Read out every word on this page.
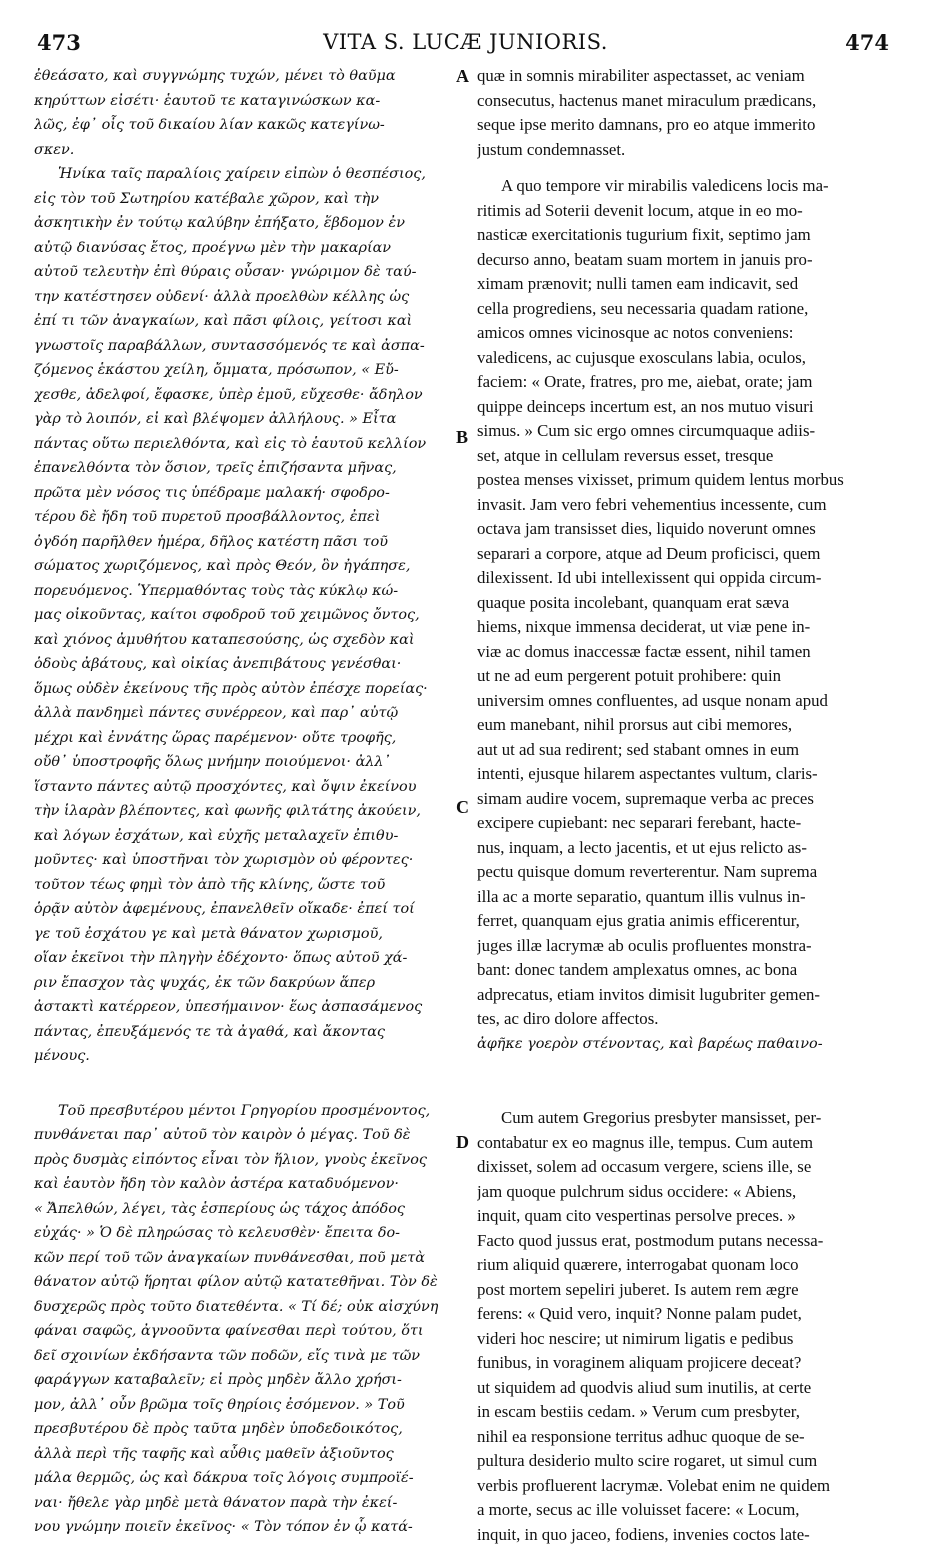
473	VITA S. LUCÆ JUNIORIS.	474
ἐθεάσατο, καὶ συγγνώμης τυχών, μένει τὸ θαῦμα
κηρύττων εἰσέτι· ἑαυτοῦ τε καταγινώσκων κα-
λῶς, ἐφ᾽ οἷς τοῦ δικαίου λίαν κακῶς κατεγίνω-
σκεν.
Ἡνίκα ταῖς παραλίοις χαίρειν εἰπὼν ὁ θεσπέσιος,
εἰς τὸν τοῦ Σωτηρίου κατέβαλε χῶρον, καὶ τὴν
ἀσκητικὴν ἐν τούτῳ καλύβην ἐπήξατο, ἕβδομον ἐν
αὐτῷ διανύσας ἔτος, προέγνω μὲν τὴν μακαρίαν
αὐτοῦ τελευτὴν ἐπὶ θύραις οὖσαν· γνώριμον δὲ ταύ-
την κατέστησεν οὐδενί· ἀλλὰ προελθὼν κέλλης ὡς
ἐπί τι τῶν ἀναγκαίων, καὶ πᾶσι φίλοις, γείτοσι καὶ
γνωστοῖς παραβάλλων, συντασσόμενός τε καὶ ἀσπα-
ζόμενος ἑκάστου χείλη, ὄμματα, πρόσωπον, « Εὔ-
χεσθε, ἀδελφοί, ἔφασκε, ὑπὲρ ἐμοῦ, εὔχεσθε· ἄδηλον
γὰρ τὸ λοιπόν, εἰ καὶ βλέψομεν ἀλλήλους. » Εἶτα
πάντας οὕτω περιελθόντα, καὶ εἰς τὸ ἑαυτοῦ κελλίον
ἐπανελθόντα τὸν ὅσιον, τρεῖς ἐπιζήσαντα μῆνας,
πρῶτα μὲν νόσος τις ὑπέδραμε μαλακή· σφοδρο-
τέρου δὲ ἤδη τοῦ πυρετοῦ προσβάλλοντος, ἐπεὶ
ὀγδόη παρῆλθεν ἡμέρα, δῆλος κατέστη πᾶσι τοῦ
σώματος χωριζόμενος, καὶ πρὸς Θεόν, ὃν ἠγάπησε,
πορευόμενος. Ὑπερμαθόντας τοὺς τὰς κύκλῳ κώ-
μας οἰκοῦντας, καίτοι σφοδροῦ τοῦ χειμῶνος ὄντος,
καὶ χιόνος ἀμυθήτου καταπεσούσης, ὡς σχεδὸν καὶ
ὁδοὺς ἀβάτους, καὶ οἰκίας ἀνεπιβάτους γενέσθαι·
ὅμως οὐδὲν ἐκείνους τῆς πρὸς αὐτὸν ἐπέσχε πορείας·
ἀλλὰ πανδημεὶ πάντες συνέρρεον, καὶ παρ᾽ αὐτῷ
μέχρι καὶ ἐννάτης ὥρας παρέμενον· οὔτε τροφῆς,
οὔθ᾽ ὑποστροφῆς ὅλως μνήμην ποιούμενοι· ἀλλ᾽
ἵσταντο πάντες αὐτῷ προσχόντες, καὶ ὄψιν ἐκείνου
τὴν ἱλαρὰν βλέποντες, καὶ φωνῆς φιλτάτης ἀκούειν,
καὶ λόγων ἐσχάτων, καὶ εὐχῆς μεταλαχεῖν ἐπιθυ-
μοῦντες· καὶ ὑποστῆναι τὸν χωρισμὸν οὐ φέροντες·
τοῦτον τέως φημὶ τὸν ἀπὸ τῆς κλίνης, ὥστε τοῦ
ὁρᾷν αὐτὸν ἀφεμένους, ἐπανελθεῖν οἴκαδε· ἐπεί τοί
γε τοῦ ἐσχάτου γε καὶ μετὰ θάνατον χωρισμοῦ,
οἵαν ἐκεῖνοι τὴν πληγὴν ἐδέχοντο· ὅπως αὐτοῦ χά-
ριν ἔπασχον τὰς ψυχάς, ἐκ τῶν δακρύων ἅπερ
ἀστακτὶ κατέρρεον, ὑπεσήμαινον· ἕως ἀσπασάμενος
πάντας, ἐπευξάμενός τε τὰ ἀγαθά, καὶ ἄκοντας
μένους.
Τοῦ πρεσβυτέρου μέντοι Γρηγορίου προσμένοντος,
πυνθάνεται παρ᾽ αὐτοῦ τὸν καιρὸν ὁ μέγας. Τοῦ δὲ
πρὸς δυσμὰς εἰπόντος εἶναι τὸν ἥλιον, γνοὺς ἐκεῖνος
καὶ ἑαυτὸν ἤδη τὸν καλὸν ἀστέρα καταδυόμενον·
« Ἄπελθών, λέγει, τὰς ἑσπερίους ὡς τάχος ἀπόδος
εὐχάς· » Ὁ δὲ πληρώσας τὸ κελευσθὲν· ἔπειτα δο-
κῶν περί τοῦ τῶν ἀναγκαίων πυνθάνεσθαι, ποῦ μετὰ
θάνατον αὐτῷ ἥρηται φίλον αὐτῷ κατατεθῆναι. Τὸν δὲ
δυσχερῶς πρὸς τοῦτο διατεθέντα. « Τί δέ; οὐκ αἰσχύνη
φάναι σαφῶς, ἀγνοοῦντα φαίνεσθαι περὶ τούτου, ὅτι
δεῖ σχοινίων ἐκδήσαντα τῶν ποδῶν, εἴς τινὰ με τῶν
φαράγγων καταβαλεῖν; εἰ πρὸς μηδὲν ἄλλο χρήσι-
μον, ἀλλ᾽ οὖν βρῶμα τοῖς θηρίοις ἐσόμενον. » Τοῦ
πρεσβυτέρου δὲ πρὸς ταῦτα μηδὲν ὑποδεδοικότος,
ἀλλὰ περὶ τῆς ταφῆς καὶ αὖθις μαθεῖν ἀξιοῦντος
μάλα θερμῶς, ὡς καὶ δάκρυα τοῖς λόγοις συμπροϊέ-
ναι· ἤθελε γὰρ μηδὲ μετὰ θάνατον παρὰ τὴν ἐκεί-
νου γνώμην ποιεῖν ἐκεῖνος· « Τὸν τόπον ἐν ᾧ κατά-
quæ in somnis mirabiliter aspectasset, ac veniam
consecutus, hactenus manet miraculum prædicans,
seque ipse merito damnans, pro eo atque immerito
justum condemnasset.
A quo tempore vir mirabilis valedicens locis ma-
ritimis ad Soterii devenit locum, atque in eo mo-
nasticæ exercitationis tugurium fixit, septimo jam
decurso anno, beatam suam mortem in januis pro-
ximam prænovit; nulli tamen eam indicavit, sed
cella progrediens, seu necessaria quadam ratione,
amicos omnes vicinosque ac notos conveniens:
valedicens, ac cujusque exosculans labia, oculos,
faciem: « Orate, fratres, pro me, aiebat, orate; jam
quippe deinceps incertum est, an nos mutuo visuri
simus. » Cum sic ergo omnes circumquaque adiis-
set, atque in cellulam reversus esset, tresque
postea menses vixisset, primum quidem lentus morbus
invasit. Jam vero febri vehementius incessente, cum
octava jam transisset dies, liquido noverunt omnes
separari a corpore, atque ad Deum proficisci, quem
dilexissent. Id ubi intellexissent qui oppida circum-
quaque posita incolebant, quanquam erat sæva
hiems, nixque immensa deciderat, ut viæ pene in-
viæ ac domus inaccessæ factæ essent, nihil tamen
ut ne ad eum pergerent potuit prohibere: quin
universim omnes confluentes, ad usque nonam apud
eum manebant, nihil prorsus aut cibi memores,
aut ut ad sua redirent; sed stabant omnes in eum
intenti, ejusque hilarem aspectantes vultum, claris-
simam audire vocem, supremaque verba ac preces
excipere cupiebant: nec separari ferebant, hacte-
nus, inquam, a lecto jacentis, et ut ejus relicto as-
pectu quisque domum reverterentur. Nam suprema
illa ac a morte separatio, quantum illis vulnus in-
ferret, quanquam ejus gratia animis efficerentur,
juges illæ lacrymæ ab oculis profluentes monstra-
bant: donec tandem amplexatus omnes, ac bona
adprecatus, etiam invitos dimisit lugubriter gemen-
tes, ac diro dolore affectos.
ἀφῆκε γοερὸν στένοντας, καὶ βαρέως παθαινο-
Cum autem Gregorius presbyter mansisset, per-
contabatur ex eo magnus ille, tempus. Cum autem
dixisset, solem ad occasum vergere, sciens ille, se
jam quoque pulchrum sidus occidere: « Abiens,
inquit, quam cito vespertinas persolve preces. »
Facto quod jussus erat, postmodum putans necessa-
rium aliquid quærere, interrogabat quonam loco
post mortem sepeliri juberet. Is autem rem ægre
ferens: « Quid vero, inquit? Nonne palam pudet,
videri hoc nescire; ut nimirum ligatis e pedibus
funibus, in voraginem aliquam projicere deceat?
ut siquidem ad quodvis aliud sum inutilis, at certe
in escam bestiis cedam. » Verum cum presbyter,
nihil ea responsione territus adhuc quoque de se-
pultura desiderio multo scire rogaret, ut simul cum
verbis profluerent lacrymæ. Volebat enim ne quidem
a morte, secus ac ille voluisset facere: « Locum,
inquit, in quo jaceo, fodiens, invenies coctos late-
A
B
C
D
